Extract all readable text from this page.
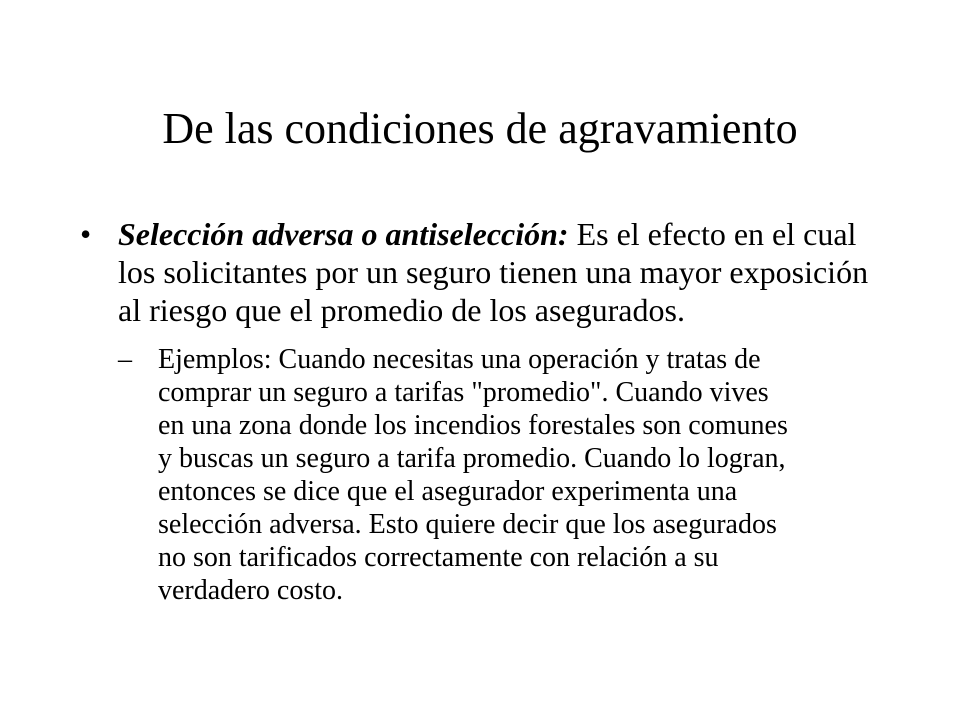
De las condiciones de agravamiento
• Selección adversa o antiselección: Es el efecto en el cual los solicitantes por un seguro tienen una mayor exposición al riesgo que el promedio de los asegurados.
– Ejemplos: Cuando necesitas una operación y tratas de comprar un seguro a tarifas "promedio". Cuando vives en una zona donde los incendios forestales son comunes y buscas un seguro a tarifa promedio. Cuando lo logran, entonces se dice que el asegurador experimenta una selección adversa. Esto quiere decir que los asegurados no son tarificados correctamente con relación a su verdadero costo.
